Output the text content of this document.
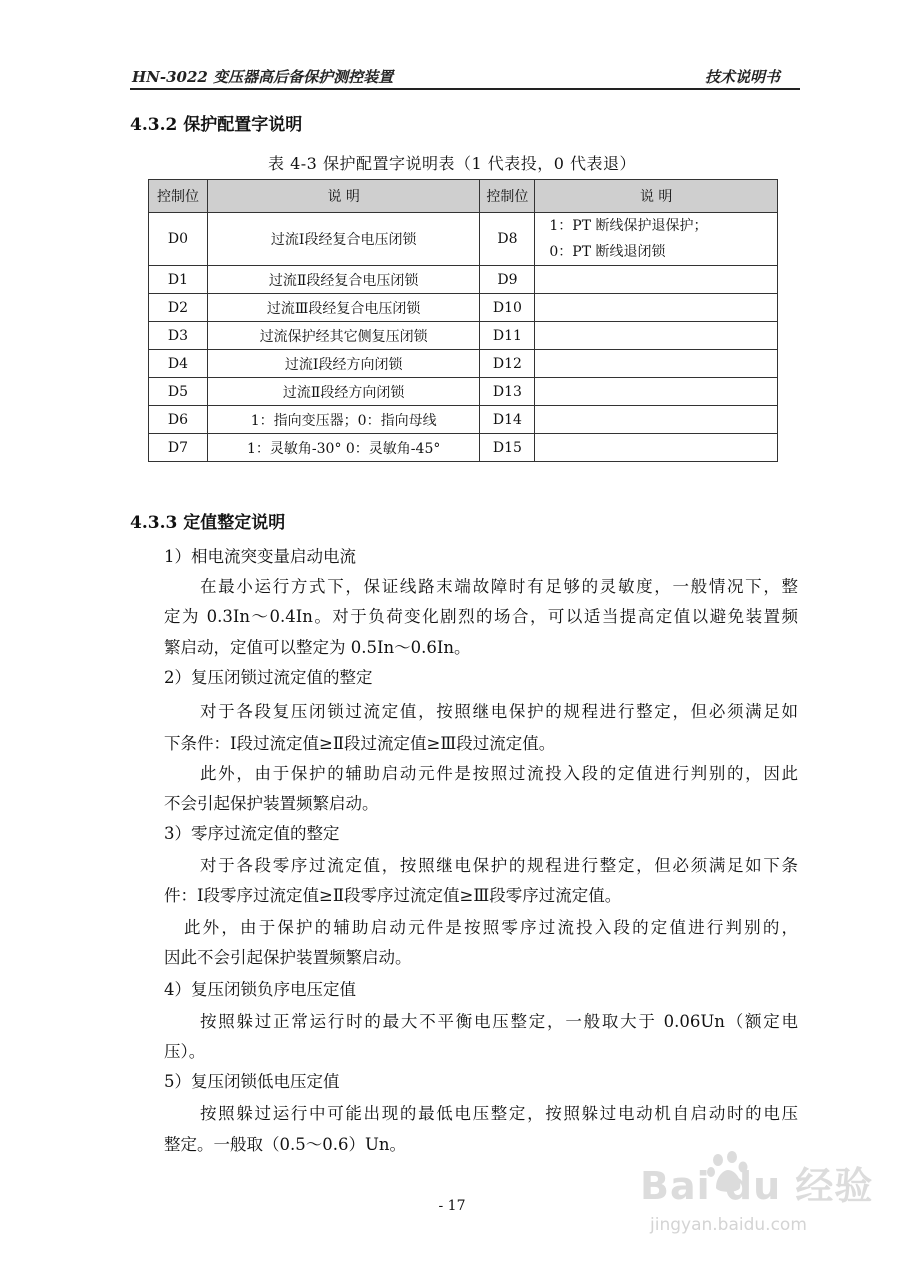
HN-3022 变压器高后备保护测控装置	技术说明书
4.3.2 保护配置字说明
表 4-3 保护配置字说明表（1 代表投，0 代表退）
控制位	说 明	控制位	说 明
D0	过流Ⅰ段经复合电压闭锁	D8	1：PT 断线保护退保护；
0：PT 断线退闭锁

D1	过流Ⅱ段经复合电压闭锁	D9	
D2	过流Ⅲ段经复合电压闭锁	D10	
D3	过流保护经其它侧复压闭锁	D11	
D4	过流Ⅰ段经方向闭锁	D12	
D5	过流Ⅱ段经方向闭锁	D13	
D6	1：指向变压器；0：指向母线	D14	
D7	1：灵敏角-30° 0：灵敏角-45°	D15	
4.3.3 定值整定说明
1）相电流突变量启动电流
在最小运行方式下，保证线路末端故障时有足够的灵敏度，一般情况下，整
定为 0.3In～0.4In。对于负荷变化剧烈的场合，可以适当提高定值以避免装置频
繁启动，定值可以整定为 0.5In～0.6In。
2）复压闭锁过流定值的整定
对于各段复压闭锁过流定值，按照继电保护的规程进行整定，但必须满足如
下条件：Ⅰ段过流定值≥Ⅱ段过流定值≥Ⅲ段过流定值。
此外，由于保护的辅助启动元件是按照过流投入段的定值进行判别的，因此
不会引起保护装置频繁启动。
3）零序过流定值的整定
对于各段零序过流定值，按照继电保护的规程进行整定，但必须满足如下条
件：Ⅰ段零序过流定值≥Ⅱ段零序过流定值≥Ⅲ段零序过流定值。
此外，由于保护的辅助启动元件是按照零序过流投入段的定值进行判别的，
因此不会引起保护装置频繁启动。
4）复压闭锁负序电压定值
按照躲过正常运行时的最大不平衡电压整定，一般取大于 0.06Un（额定电
压）。
5）复压闭锁低电压定值
按照躲过运行中可能出现的最低电压整定，按照躲过电动机自启动时的电压
整定。一般取（0.5～0.6）Un。
- 17	Bai du 经验
jingyan.baidu.com
